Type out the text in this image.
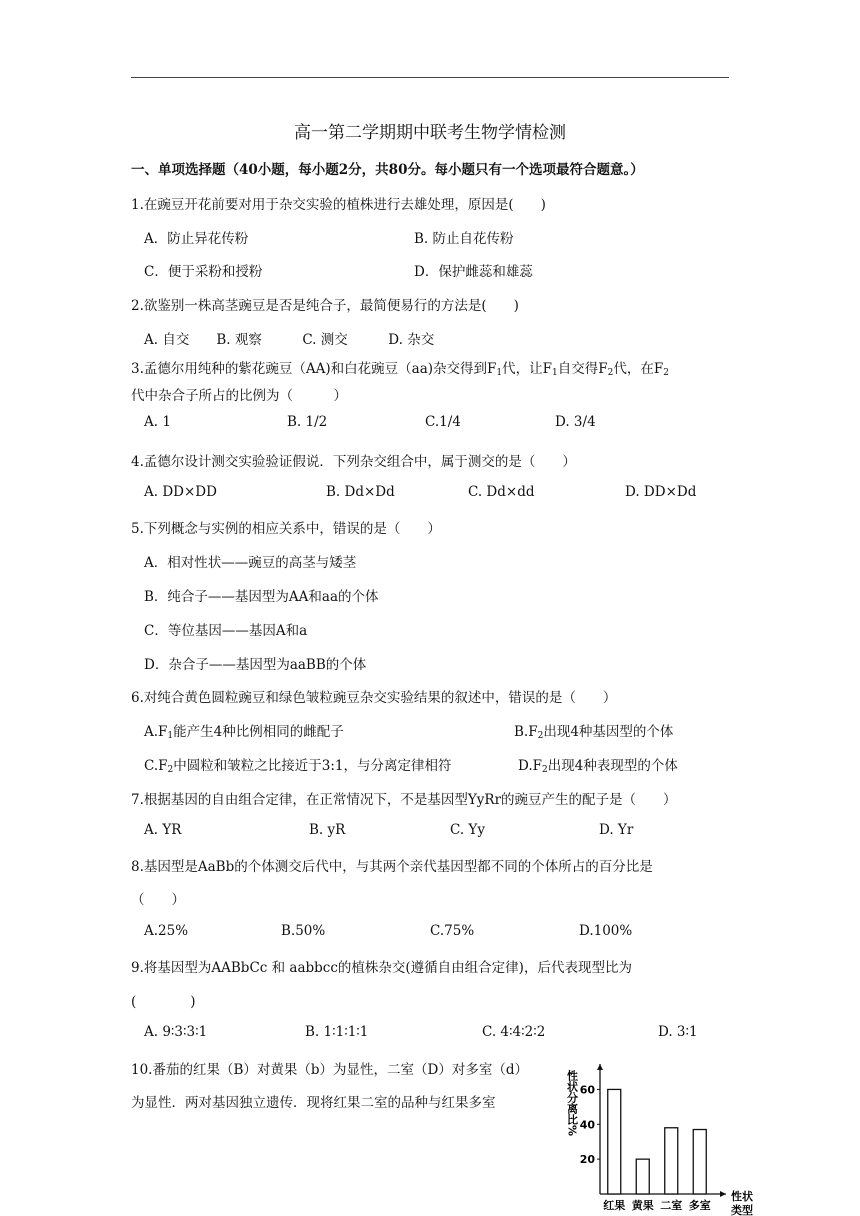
高一第二学期期中联考生物学情检测
一、单项选择题（40小题，每小题2分，共80分。每小题只有一个选项最符合题意。）
1.在豌豆开花前要对用于杂交实验的植株进行去雄处理，原因是(　　)
A．防止异花传粉	B. 防止自花传粉
C．便于采粉和授粉	D．保护雌蕊和雄蕊
2.欲鉴别一株高茎豌豆是否是纯合子，最简便易行的方法是(　　)
A. 自交　　B. 观察　　　C. 测交　　　D. 杂交
3.孟德尔用纯种的紫花豌豆（AA)和白花豌豆（aa)杂交得到$F_1$代，让$F_1$自交得$F_2$代，在$F_2$
代中杂合子所占的比例为（　　　）
A. 1	B. 1/2	C.1/4	D. 3/4
4.孟德尔设计测交实验验证假说．下列杂交组合中，属于测交的是（　　）
A. DD×DD	B. Dd×Dd	C. Dd×dd	D. DD×Dd
5.下列概念与实例的相应关系中，错误的是（　　）
A．相对性状——豌豆的高茎与矮茎
B．纯合子——基因型为AA和aa的个体
C．等位基因——基因A和a
D．杂合子——基因型为aaBB的个体
6.对纯合黄色圆粒豌豆和绿色皱粒豌豆杂交实验结果的叙述中，错误的是（　　）
$A.F_1$能产生4种比例相同的雌配子	$B.F_2$出现4种基因型的个体
$C.F_2$中圆粒和皱粒之比接近于3:1，与分离定律相符	$D.F_2$出现4种表现型的个体
7.根据基因的自由组合定律，在正常情况下，不是基因型YyRr的豌豆产生的配子是（　　）
A. YR	B. yR	C. Yy	D. Yr
8.基因型是AaBb的个体测交后代中，与其两个亲代基因型都不同的个体所占的百分比是
（　　）
A.25%	B.50%	C.75%	D.100%
9.将基因型为AABbCc 和 aabbcc的植株杂交(遵循自由组合定律)，后代表现型比为
(　　　　)
A. 9∶3∶3∶1	B. 1∶1∶1∶1	C. 4∶4∶2∶2	D. 3∶1
10.番茄的红果（B）对黄果（b）为显性，二室（D）对多室（d）
为显性．两对基因独立遗传．现将红果二室的品种与红果多室	性状分离比%
20
40
60
红果 黄果 二室 多室
性状
类型
